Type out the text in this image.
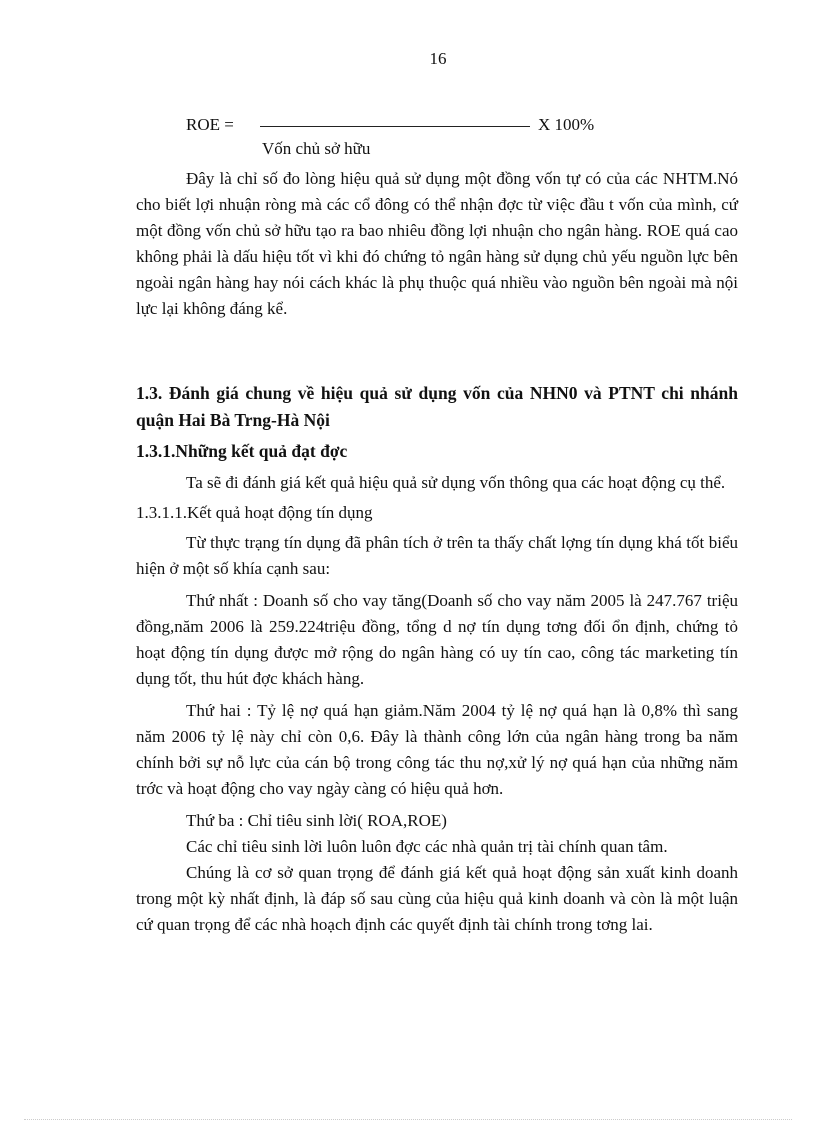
16
ROE =	X 100%
Vốn chủ sở hữu

Đây là chỉ số đo lòng hiệu quả sử dụng một đồng vốn tự có của các NHTM.Nó cho biết lợi nhuận ròng mà các cổ đông có thể nhận đợc từ việc đầu t vốn của mình, cứ một đồng vốn chủ sở hữu tạo ra bao nhiêu đồng lợi nhuận cho ngân hàng. ROE quá cao không phải là dấu hiệu tốt vì khi đó chứng tỏ ngân hàng sử dụng chủ yếu nguồn lực bên ngoài ngân hàng hay nói cách khác là phụ thuộc quá nhiều vào nguồn bên ngoài mà nội lực lại không đáng kể.

1.3. Đánh giá chung về hiệu quả sử dụng vốn của NHN0 và PTNT chi nhánh quận Hai Bà Trng-Hà Nội
1.3.1.Những kết quả đạt đợc

Ta sẽ đi đánh giá kết quả hiệu quả sử dụng vốn thông qua các hoạt động cụ thể.

1.3.1.1.Kết quả hoạt động tín dụng

Từ thực trạng tín dụng đã phân tích ở trên ta thấy chất lợng tín dụng khá tốt biểu hiện ở một số khía cạnh sau:

Thứ nhất : Doanh số cho vay tăng(Doanh số cho vay năm 2005 là 247.767 triệu đồng,năm 2006 là 259.224triệu đồng, tổng d nợ tín dụng tơng đối ổn định, chứng tỏ hoạt động tín dụng được mở rộng do ngân hàng có uy tín cao, công tác marketing tín dụng tốt, thu hút đợc khách hàng.

Thứ hai : Tỷ lệ nợ quá hạn giảm.Năm 2004 tỷ lệ nợ quá hạn là 0,8% thì sang năm 2006 tỷ lệ này chỉ còn 0,6. Đây là thành công lớn của ngân hàng trong ba năm chính bởi sự nỗ lực của cán bộ trong công tác thu nợ,xử lý nợ quá hạn của những năm trớc và hoạt động cho vay ngày càng có hiệu quả hơn.

Thứ ba : Chỉ tiêu sinh lời( ROA,ROE)

Các chỉ tiêu sinh lời luôn luôn đợc các nhà quản trị tài chính quan tâm.

Chúng là cơ sở quan trọng để đánh giá kết quả hoạt động sản xuất kinh doanh trong một kỳ nhất định, là đáp số sau cùng của hiệu quả kinh doanh và còn là một luận cứ quan trọng để các nhà hoạch định các quyết định tài chính trong tơng lai.
